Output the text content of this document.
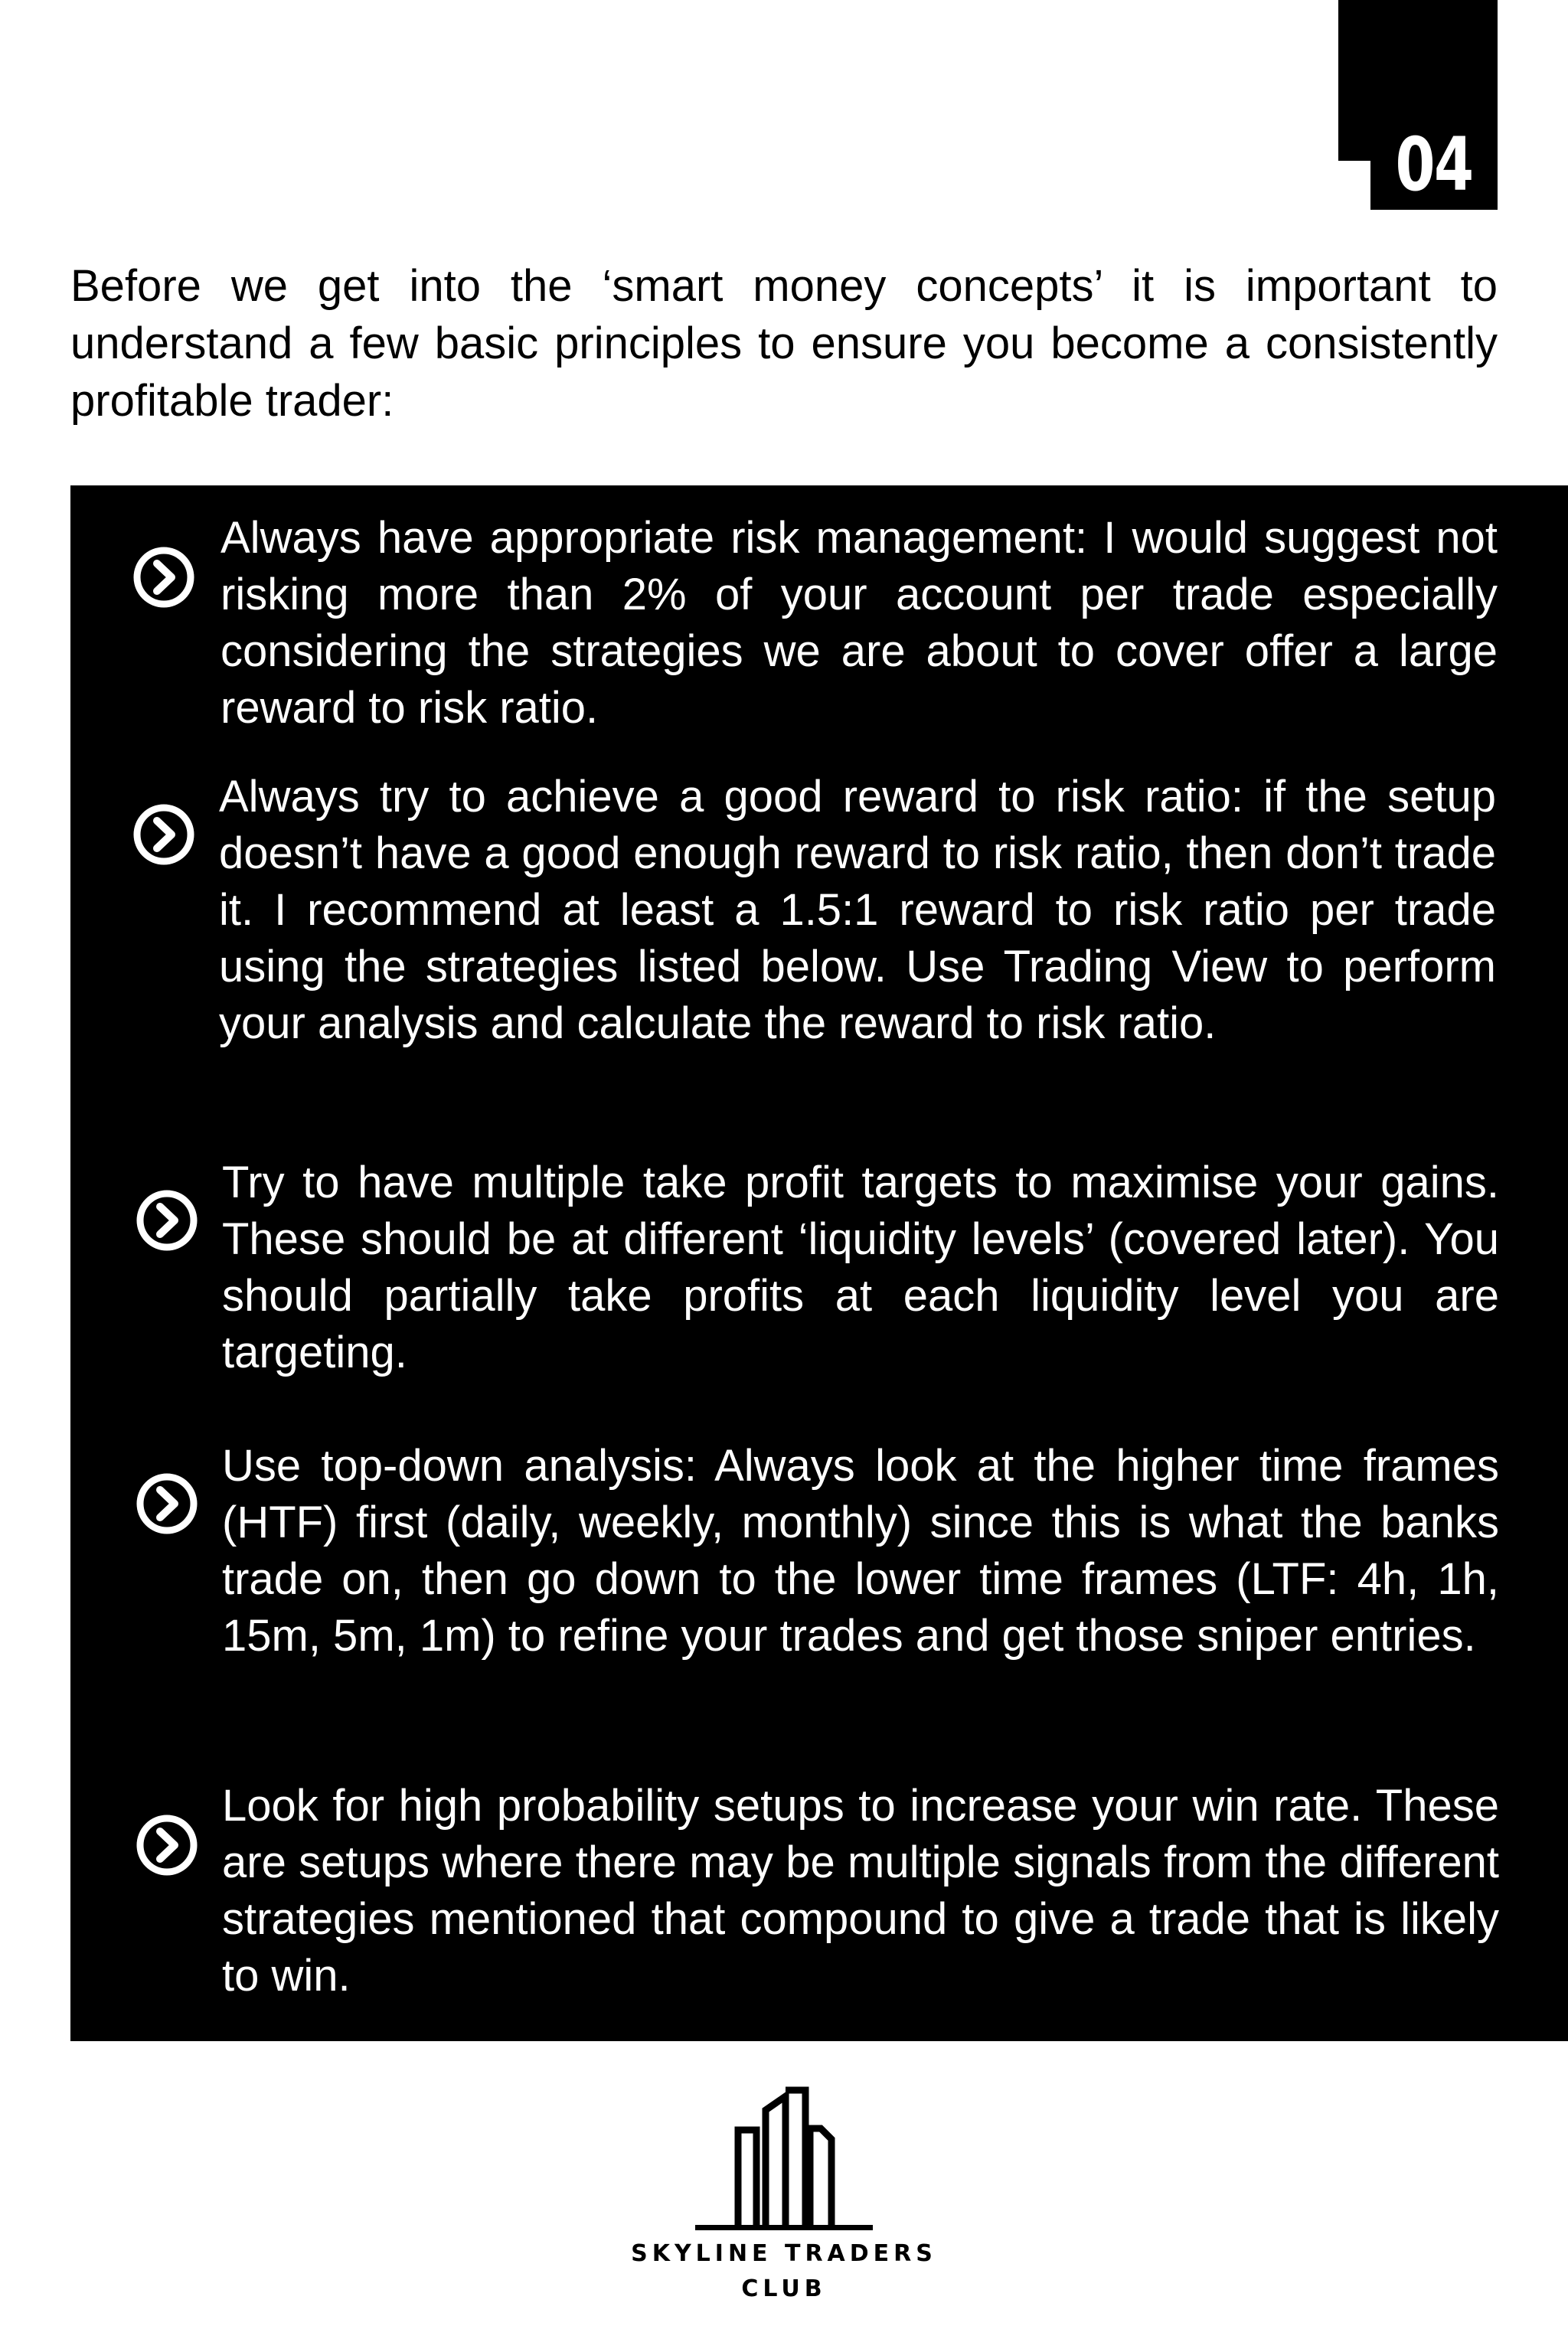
04

Before we get into the ‘smart money concepts’ it is important to understand a few basic principles to ensure you become a consistently profitable trader:

Always have appropriate risk management: I would suggest not risking more than 2% of your account per trade especially considering the strategies we are about to cover offer a large reward to risk ratio.

Always try to achieve a good reward to risk ratio: if the setup doesn’t have a good enough reward to risk ratio, then don’t trade it. I recommend at least a 1.5:1 reward to risk ratio per trade using the strategies listed below. Use Trading View to perform your analysis and calculate the reward to risk ratio.

Try to have multiple take profit targets to maximise your gains. These should be at different ‘liquidity levels’ (covered later). You should partially take profits at each liquidity level you are targeting.

Use top-down analysis: Always look at the higher time frames (HTF) first (daily, weekly, monthly) since this is what the banks trade on, then go down to the lower time frames (LTF: 4h, 1h, 15m, 5m, 1m) to refine your trades and get those sniper entries.

Look for high probability setups to increase your win rate. These are setups where there may be multiple signals from the different strategies mentioned that compound to give a trade that is likely to win.

SKYLINE TRADERS

CLUB
